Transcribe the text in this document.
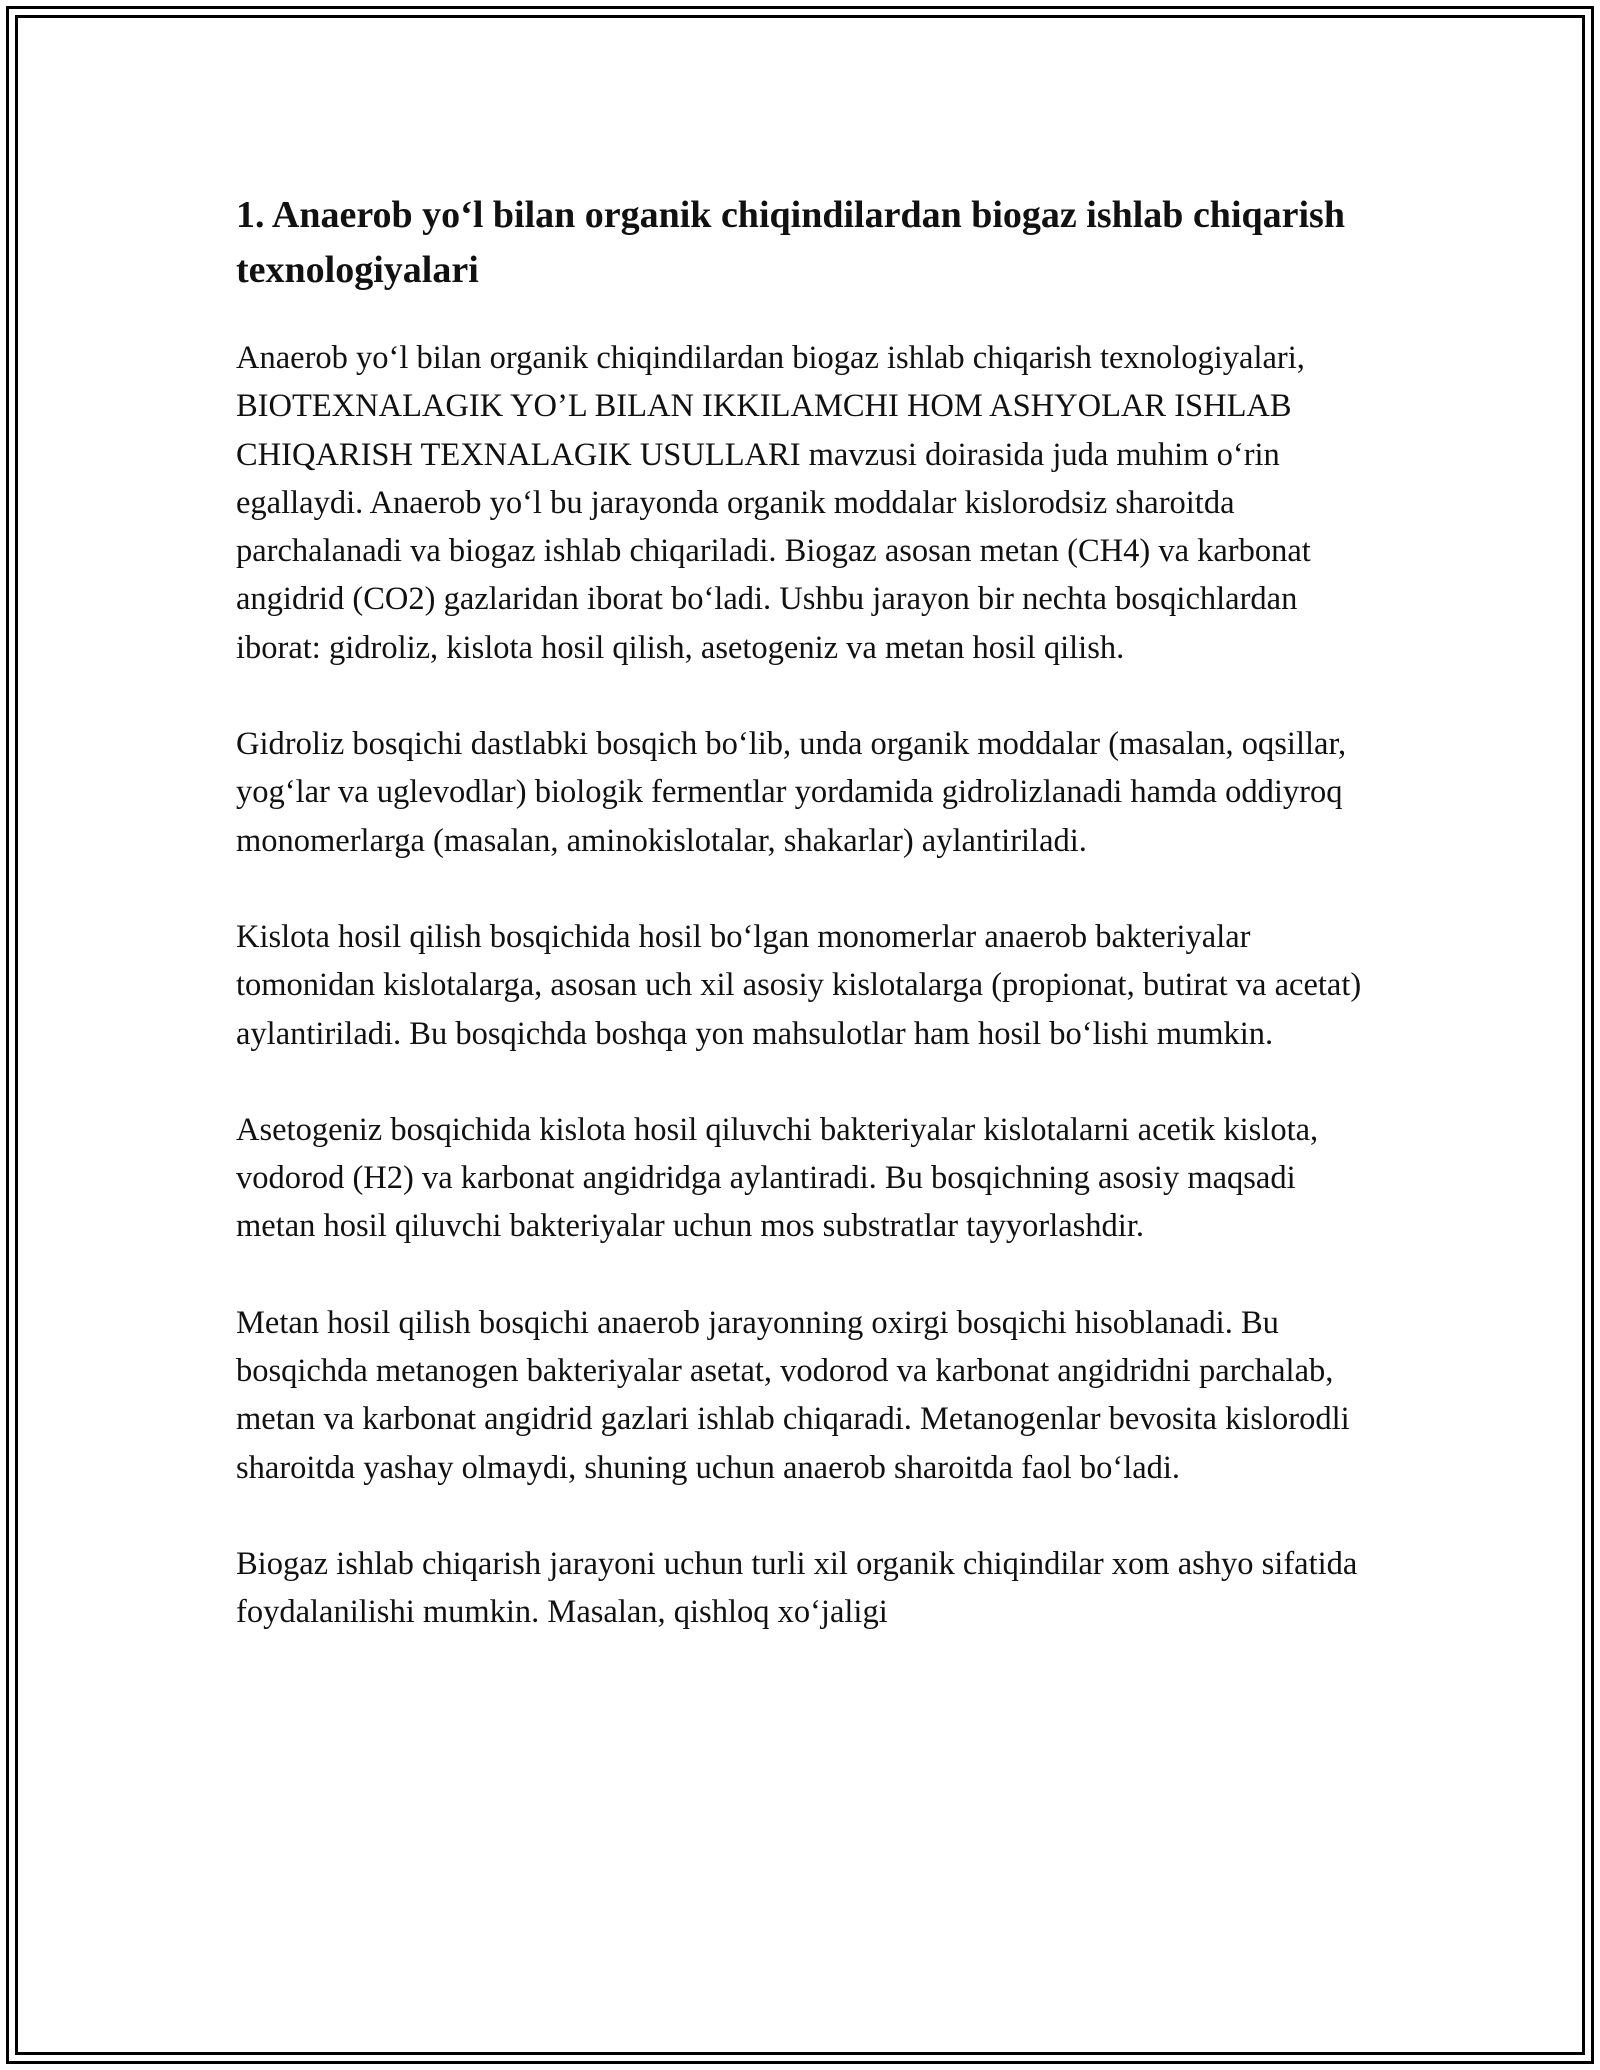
1. Anaerob yo‘l bilan organik chiqindilardan biogaz ishlab chiqarish texnologiyalari

Anaerob yo‘l bilan organik chiqindilardan biogaz ishlab chiqarish texnologiyalari, BIOTEXNALAGIK YO’L BILAN IKKILAMCHI HOM ASHYOLAR ISHLAB CHIQARISH TEXNALAGIK USULLARI mavzusi doirasida juda muhim o‘rin egallaydi. Anaerob yo‘l bu jarayonda organik moddalar kislorodsiz sharoitda parchalanadi va biogaz ishlab chiqariladi. Biogaz asosan metan (CH4) va karbonat angidrid (CO2) gazlaridan iborat bo‘ladi. Ushbu jarayon bir nechta bosqichlardan iborat: gidroliz, kislota hosil qilish, asetogeniz va metan hosil qilish.

Gidroliz bosqichi dastlabki bosqich bo‘lib, unda organik moddalar (masalan, oqsillar, yog‘lar va uglevodlar) biologik fermentlar yordamida gidrolizlanadi hamda oddiyroq monomerlarga (masalan, aminokislotalar, shakarlar) aylantiriladi.

Kislota hosil qilish bosqichida hosil bo‘lgan monomerlar anaerob bakteriyalar tomonidan kislotalarga, asosan uch xil asosiy kislotalarga (propionat, butirat va acetat) aylantiriladi. Bu bosqichda boshqa yon mahsulotlar ham hosil bo‘lishi mumkin.

Asetogeniz bosqichida kislota hosil qiluvchi bakteriyalar kislotalarni acetik kislota, vodorod (H2) va karbonat angidridga aylantiradi. Bu bosqichning asosiy maqsadi metan hosil qiluvchi bakteriyalar uchun mos substratlar tayyorlashdir.

Metan hosil qilish bosqichi anaerob jarayonning oxirgi bosqichi hisoblanadi. Bu bosqichda metanogen bakteriyalar asetat, vodorod va karbonat angidridni parchalab, metan va karbonat angidrid gazlari ishlab chiqaradi. Metanogenlar bevosita kislorodli sharoitda yashay olmaydi, shuning uchun anaerob sharoitda faol bo‘ladi.

Biogaz ishlab chiqarish jarayoni uchun turli xil organik chiqindilar xom ashyo sifatida foydalanilishi mumkin. Masalan, qishloq xo‘jaligi
